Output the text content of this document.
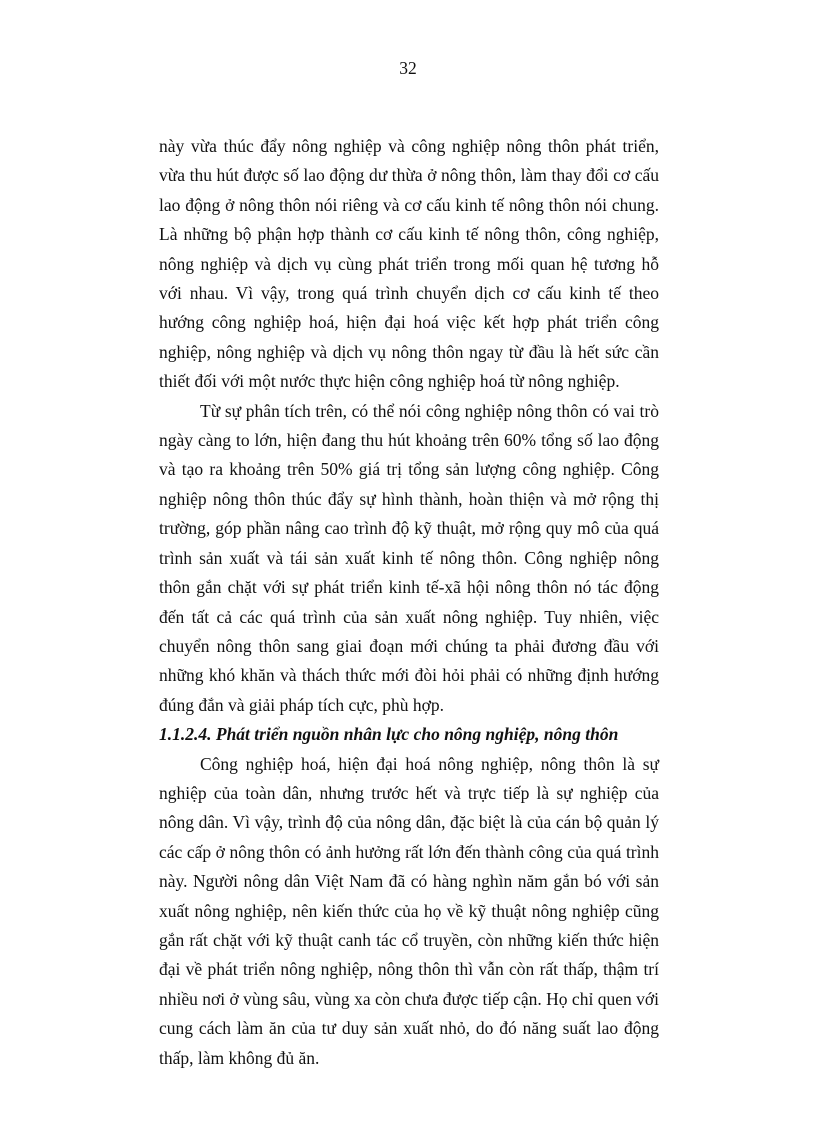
32

này vừa thúc đẩy nông nghiệp và công nghiệp nông thôn phát triển, vừa thu hút được số lao động dư thừa ở nông thôn, làm thay đổi cơ cấu lao động ở nông thôn nói riêng và cơ cấu kinh tế nông thôn nói chung. Là những bộ phận hợp thành cơ cấu kinh tế nông thôn, công nghiệp, nông nghiệp và dịch vụ cùng phát triển trong mối quan hệ tương hỗ với nhau. Vì vậy, trong quá trình chuyển dịch cơ cấu kinh tế theo hướng công nghiệp hoá, hiện đại hoá việc kết hợp phát triển công nghiệp, nông nghiệp và dịch vụ nông thôn ngay từ đầu là hết sức cần thiết đối với một nước thực hiện công nghiệp hoá từ nông nghiệp.

Từ sự phân tích trên, có thể nói công nghiệp nông thôn có vai trò ngày càng to lớn, hiện đang thu hút khoảng trên 60% tổng số lao động và tạo ra khoảng trên 50% giá trị tổng sản lượng công nghiệp. Công nghiệp nông thôn thúc đẩy sự hình thành, hoàn thiện và mở rộng thị trường, góp phần nâng cao trình độ kỹ thuật, mở rộng quy mô của quá trình sản xuất và tái sản xuất kinh tế nông thôn. Công nghiệp nông thôn gắn chặt với sự phát triển kinh tế-xã hội nông thôn nó tác động đến tất cả các quá trình của sản xuất nông nghiệp. Tuy nhiên, việc chuyển nông thôn sang giai đoạn mới chúng ta phải đương đầu với những khó khăn và thách thức mới đòi hỏi phải có những định hướng đúng đắn và giải pháp tích cực, phù hợp.

1.1.2.4. Phát triển nguồn nhân lực cho nông nghiệp, nông thôn

Công nghiệp hoá, hiện đại hoá nông nghiệp, nông thôn là sự nghiệp của toàn dân, nhưng trước hết và trực tiếp là sự nghiệp của nông dân. Vì vậy, trình độ của nông dân, đặc biệt là của cán bộ quản lý các cấp ở nông thôn có ảnh hưởng rất lớn đến thành công của quá trình này. Người nông dân Việt Nam đã có hàng nghìn năm gắn bó với sản xuất nông nghiệp, nên kiến thức của họ về kỹ thuật nông nghiệp cũng gắn rất chặt với kỹ thuật canh tác cổ truyền, còn những kiến thức hiện đại về phát triển nông nghiệp, nông thôn thì vẫn còn rất thấp, thậm trí nhiều nơi ở vùng sâu, vùng xa còn chưa được tiếp cận. Họ chỉ quen với cung cách làm ăn của tư duy sản xuất nhỏ, do đó năng suất lao động thấp, làm không đủ ăn.
